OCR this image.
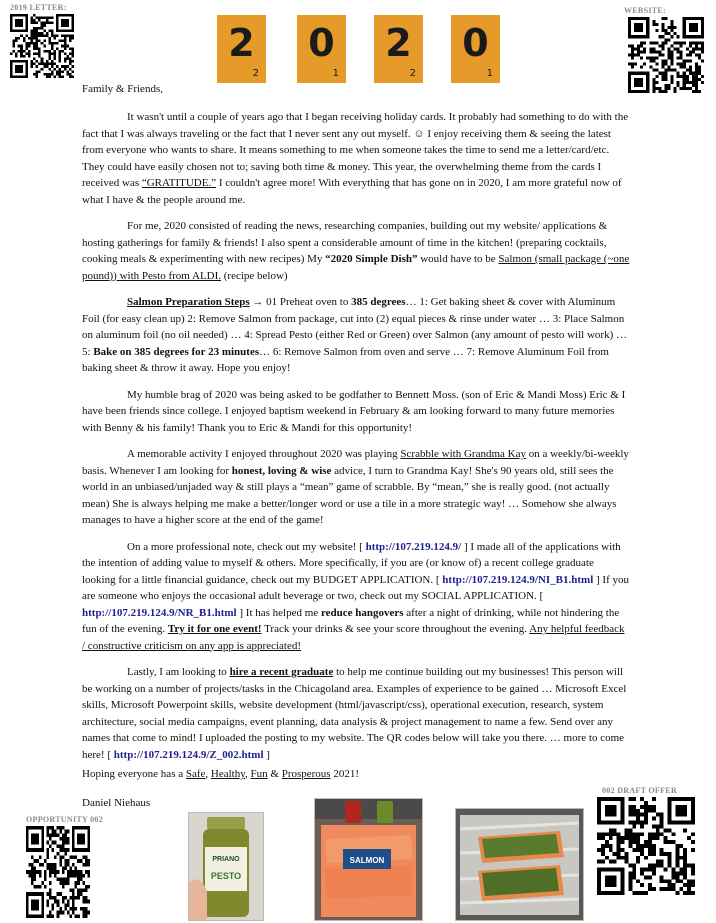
2019 LETTER:	WEBSITE:
OPPORTUNITY 002
002 DRAFT OFFER
2
2
0
1
2
2
0
1
Family & Friends,

It wasn't until a couple of years ago that I began receiving holiday cards. It probably had something to do with the fact that I was always traveling or the fact that I never sent any out myself. ☺ I enjoy receiving them & seeing the latest from everyone who wants to share. It means something to me when someone takes the time to send me a letter/card/etc. They could have easily chosen not to; saving both time & money. This year, the overwhelming theme from the cards I received was “GRATITUDE.” I couldn't agree more! With everything that has gone on in 2020, I am more grateful now of what I have & the people around me.

For me, 2020 consisted of reading the news, researching companies, building out my website/ applications & hosting gatherings for family & friends! I also spent a considerable amount of time in the kitchen! (preparing cocktails, cooking meals & experimenting with new recipes) My “2020 Simple Dish” would have to be Salmon (small package (~one pound)) with Pesto from ALDI. (recipe below)

Salmon Preparation Steps → 01 Preheat oven to 385 degrees… 1: Get baking sheet & cover with Aluminum Foil (for easy clean up) 2: Remove Salmon from package, cut into (2) equal pieces & rinse under water … 3: Place Salmon on aluminum foil (no oil needed) … 4: Spread Pesto (either Red or Green) over Salmon (any amount of pesto will work) … 5: Bake on 385 degrees for 23 minutes… 6: Remove Salmon from oven and serve … 7: Remove Aluminum Foil from baking sheet & throw it away. Hope you enjoy!

My humble brag of 2020 was being asked to be godfather to Bennett Moss. (son of Eric & Mandi Moss) Eric & I have been friends since college. I enjoyed baptism weekend in February & am looking forward to many future memories with Benny & his family! Thank you to Eric & Mandi for this opportunity!

A memorable activity I enjoyed throughout 2020 was playing Scrabble with Grandma Kay on a weekly/bi-weekly basis. Whenever I am looking for honest, loving & wise advice, I turn to Grandma Kay! She's 90 years old, still sees the world in an unbiased/unjaded way & still plays a “mean” game of scrabble. By “mean,” she is really good. (not actually mean) She is always helping me make a better/longer word or use a tile in a more strategic way! … Somehow she always manages to have a higher score at the end of the game!

On a more professional note, check out my website! [ http://107.219.124.9/ ] I made all of the applications with the intention of adding value to myself & others. More specifically, if you are (or know of) a recent college graduate looking for a little financial guidance, check out my BUDGET APPLICATION. [ http://107.219.124.9/NI_B1.html ] If you are someone who enjoys the occasional adult beverage or two, check out my SOCIAL APPLICATION. [ http://107.219.124.9/NR_B1.html ] It has helped me reduce hangovers after a night of drinking, while not hindering the fun of the evening. Try it for one event! Track your drinks & see your score throughout the evening. Any helpful feedback / constructive criticism on any app is appreciated!

Lastly, I am looking to hire a recent graduate to help me continue building out my businesses! This person will be working on a number of projects/tasks in the Chicagoland area. Examples of experience to be gained … Microsoft Excel skills, Microsoft Powerpoint skills, website development (html/javascript/css), operational execution, research, system architecture, social media campaigns, event planning, data analysis & project management to name a few. Send over any names that come to mind! I uploaded the posting to my website. The QR codes below will take you there. … more to come here! [ http://107.219.124.9/Z_002.html ]

Hoping everyone has a Safe, Healthy, Fun & Prosperous 2021!
Daniel Niehaus
PRIANO
PESTO
SALMON
